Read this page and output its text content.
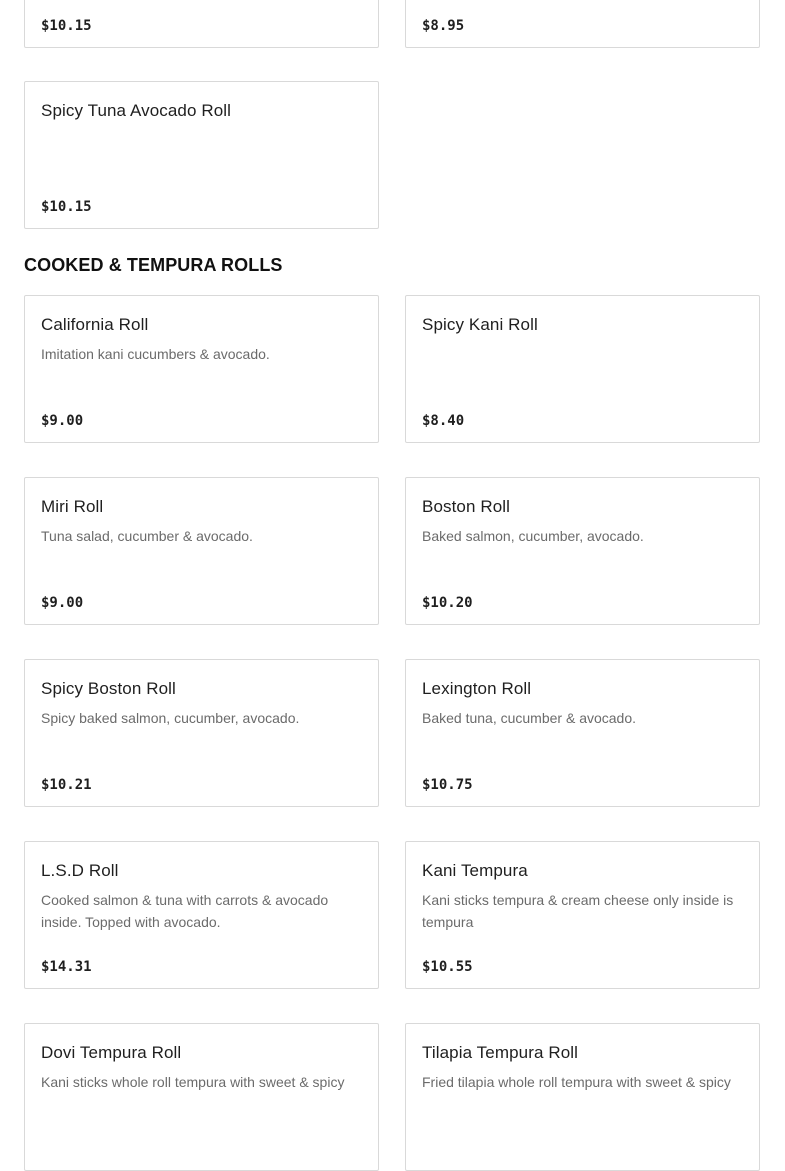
$10.15	$8.95
Spicy Tuna Avocado Roll
$10.15
COOKED & TEMPURA ROLLS
California Roll
Imitation kani cucumbers & avocado.
$9.00
Spicy Kani Roll
$8.40
Miri Roll
Tuna salad, cucumber & avocado.
$9.00
Boston Roll
Baked salmon, cucumber, avocado.
$10.20
Spicy Boston Roll
Spicy baked salmon, cucumber, avocado.
$10.21
Lexington Roll
Baked tuna, cucumber & avocado.
$10.75
L.S.D Roll
Cooked salmon & tuna with carrots & avocado inside. Topped with avocado.
$14.31
Kani Tempura
Kani sticks tempura & cream cheese only inside is tempura
$10.55
Dovi Tempura Roll
Kani sticks whole roll tempura with sweet & spicy
Tilapia Tempura Roll
Fried tilapia whole roll tempura with sweet & spicy
